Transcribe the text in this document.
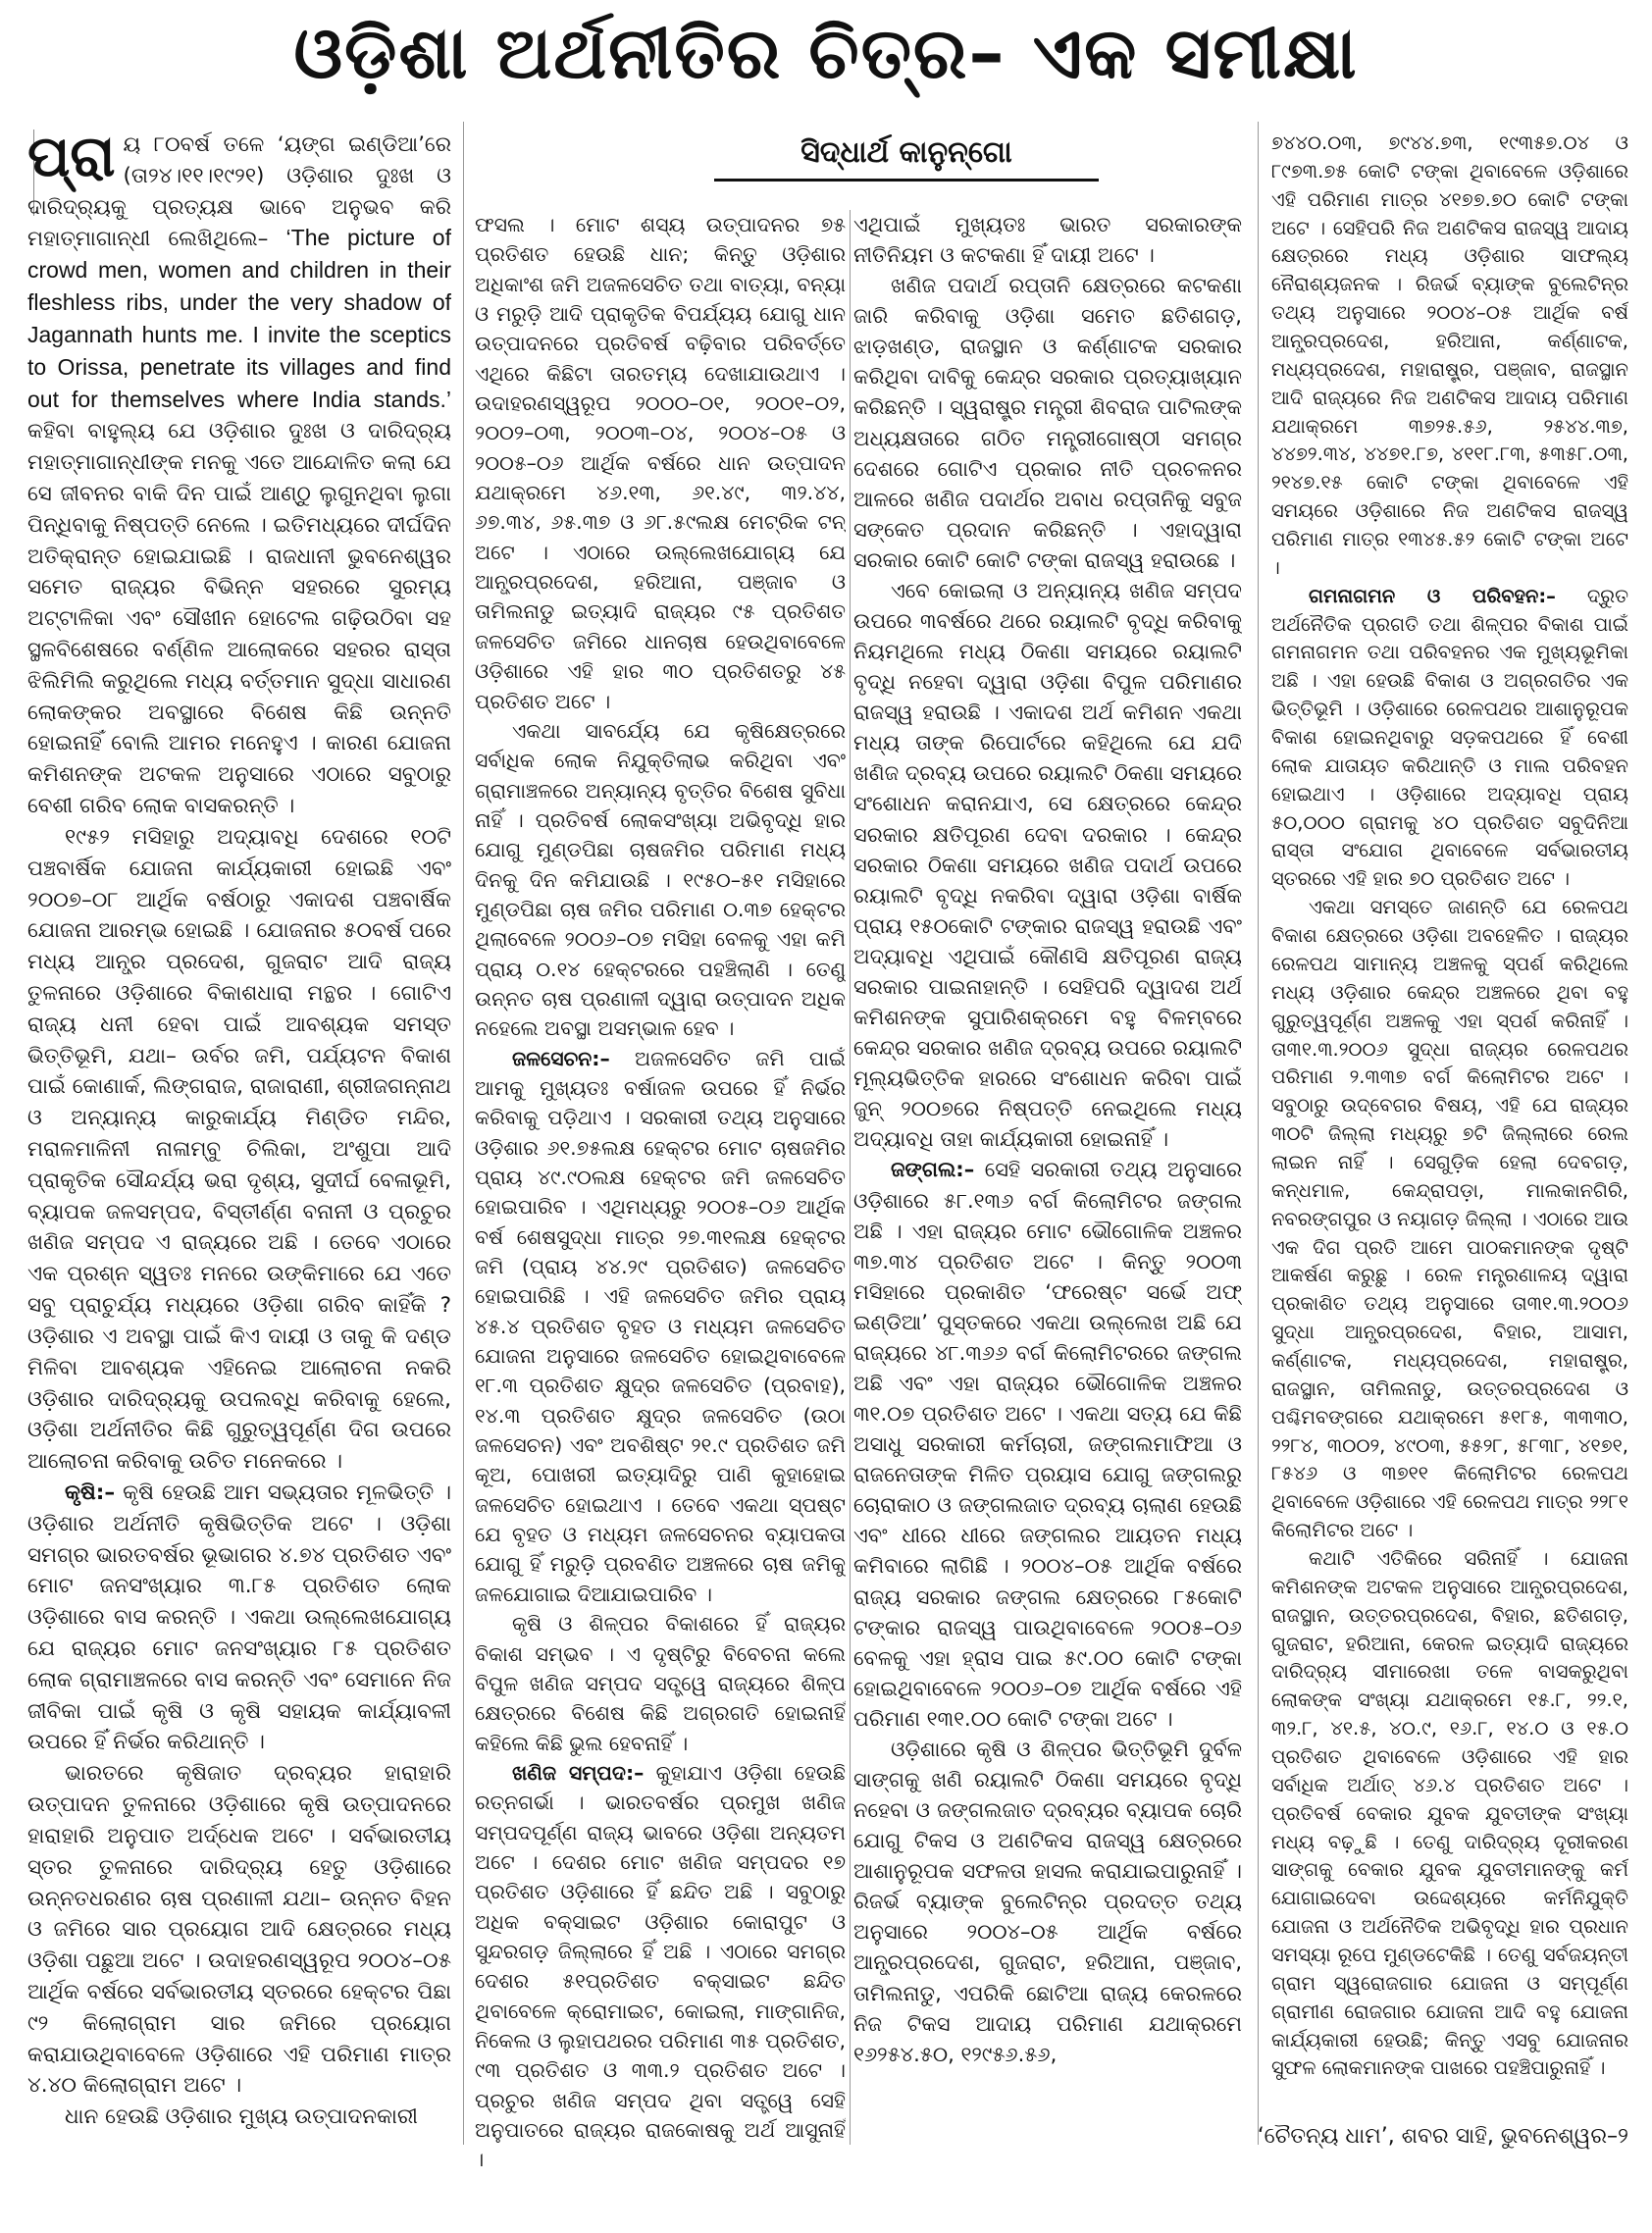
ଓଡ଼ିଶା ଅର୍ଥନୀତିର ଚିତ୍ର– ଏକ ସମୀକ୍ଷା
ସିଦ୍ଧାର୍ଥ କାନୁନ୍‌ଗୋ

ପ୍ରା ୟ ୮୦ବର୍ଷ ତଳେ ‘ୟଙ୍ଗ ଇଣ୍ଡିଆ’ରେ (ତା୨୪।୧୧।୧୯୨୧) ଓଡ଼ିଶାର ଦୁଃଖ ଓ ଦାରିଦ୍ର୍ୟକୁ ପ୍ରତ୍ୟକ୍ଷ ଭାବେ ଅନୁଭବ କରି ମହାତ୍ମାଗାନ୍ଧୀ ଲେଖିଥିଲେ– ‘The picture of crowd men, women and children in their fleshless ribs, under the very shadow of Jagannath hunts me. I invite the sceptics to Orissa, penetrate its villages and find out for themselves where India stands.’ କହିବା ବାହୁଲ୍ୟ ଯେ ଓଡ଼ିଶାର ଦୁଃଖ ଓ ଦାରିଦ୍ର୍ୟ ମହାତ୍ମାଗାନ୍ଧୀଙ୍କ ମନକୁ ଏତେ ଆନ୍ଦୋଳିତ କଲା ଯେ ସେ ଜୀବନର ବାକି ଦିନ ପାଇଁ ଆଣ୍ଠୁ ଲୁଗୁନଥିବା ଲୁଗା ପିନ୍ଧିବାକୁ ନିଷ୍ପତ୍ତି ନେଲେ । ଇତିମଧ୍ୟରେ ଦୀର୍ଘଦିନ ଅତିକ୍ରାନ୍ତ ହୋଇଯାଇଛି । ରାଜଧାନୀ ଭୁବନେଶ୍ୱର ସମେତ ରାଜ୍ୟର ବିଭିନ୍ନ ସହରରେ ସୁରମ୍ୟ ଅଟ୍ଟାଳିକା ଏବଂ ସୌଖୀନ ହୋଟେଲ ଗଢ଼ିଉଠିବା ସହ ସ୍ଥଳବିଶେଷରେ ବର୍ଣ୍ଣିଳ ଆଲୋକରେ ସହରର ରାସ୍ତା ଝିଲିମିଲି କରୁଥିଲେ ମଧ୍ୟ ବର୍ତ୍ତମାନ ସୁଦ୍ଧା ସାଧାରଣ ଲୋକଙ୍କର ଅବସ୍ଥାରେ ବିଶେଷ କିଛି ଉନ୍ନତି ହୋଇନାହିଁ ବୋଲି ଆମର ମନେହୁଏ । କାରଣ ଯୋଜନା କମିଶନଙ୍କ ଅଟକଳ ଅନୁସାରେ ଏଠାରେ ସବୁଠାରୁ ବେଶୀ ଗରିବ ଲୋକ ବାସକରନ୍ତି ।

୧୯୫୨ ମସିହାରୁ ଅଦ୍ୟାବଧି ଦେଶରେ ୧୦ଟି ପଞ୍ଚବାର୍ଷିକ ଯୋଜନା କାର୍ଯ୍ୟକାରୀ ହୋଇଛି ଏବଂ ୨୦୦୭–୦୮ ଆର୍ଥିକ ବର୍ଷଠାରୁ ଏକାଦଶ ପଞ୍ଚବାର୍ଷିକ ଯୋଜନା ଆରମ୍ଭ ହୋଇଛି । ଯୋଜନାର ୫୦ବର୍ଷ ପରେ ମଧ୍ୟ ଆନ୍ଧ୍ର ପ୍ରଦେଶ, ଗୁଜରାଟ ଆଦି ରାଜ୍ୟ ତୁଳନାରେ ଓଡ଼ିଶାରେ ବିକାଶଧାରା ମନ୍ଥର । ଗୋଟିଏ ରାଜ୍ୟ ଧନୀ ହେବା ପାଇଁ ଆବଶ୍ୟକ ସମସ୍ତ ଭିତ୍ତିଭୂମି, ଯଥା– ଉର୍ବର ଜମି, ପର୍ଯ୍ୟଟନ ବିକାଶ ପାଇଁ କୋଣାର୍କ, ଲିଙ୍ଗରାଜ, ରାଜାରାଣୀ, ଶ୍ରୀଜଗନ୍ନାଥ ଓ ଅନ୍ୟାନ୍ୟ କାରୁକାର୍ଯ୍ୟ ମିଣ୍ଡିତ ମନ୍ଦିର, ମରାଳମାଳିନୀ ନାଳାମ୍ବୁ ଚିଲିକା, ଅଂଶୁପା ଆଦି ପ୍ରାକୃତିକ ସୌନ୍ଦର୍ଯ୍ୟ ଭରା ଦୃଶ୍ୟ, ସୁଦୀର୍ଘ ବେଳାଭୂମି, ବ୍ୟାପକ ଜଳସମ୍ପଦ, ବିସ୍ତୀର୍ଣ୍ଣ ବନାନୀ ଓ ପ୍ରଚୁର ଖଣିଜ ସମ୍ପଦ ଏ ରାଜ୍ୟରେ ଅଛି । ତେବେ ଏଠାରେ ଏକ ପ୍ରଶ୍ନ ସ୍ୱତଃ ମନରେ ଉଙ୍କିମାରେ ଯେ ଏତେ ସବୁ ପ୍ରାଚୁର୍ଯ୍ୟ ମଧ୍ୟରେ ଓଡ଼ିଶା ଗରିବ କାହିଁକି ? ଓଡ଼ିଶାର ଏ ଅବସ୍ଥା ପାଇଁ କିଏ ଦାୟୀ ଓ ତାକୁ କି ଦଣ୍ଡ ମିଳିବା ଆବଶ୍ୟକ ଏହିନେଇ ଆଲୋଚନା ନକରି ଓଡ଼ିଶାର ଦାରିଦ୍ର୍ୟକୁ ଉପଲବ୍ଧି କରିବାକୁ ହେଲେ, ଓଡ଼ିଶା ଅର୍ଥନୀତିର କିଛି ଗୁରୁତ୍ୱପୂର୍ଣ୍ଣ ଦିଗ ଉପରେ ଆଲୋଚନା କରିବାକୁ ଉଚିତ ମନେକରେ ।

କୃଷି:– କୃଷି ହେଉଛି ଆମ ସଭ୍ୟତାର ମୂଳଭିତ୍ତି । ଓଡ଼ିଶାର ଅର୍ଥନୀତି କୃଷିଭିତ୍ତିକ ଅଟେ । ଓଡ଼ିଶା ସମଗ୍ର ଭାରତବର୍ଷର ଭୂଭାଗର ୪.୭୪ ପ୍ରତିଶତ ଏବଂ ମୋଟ ଜନସଂଖ୍ୟାର ୩.୮୫ ପ୍ରତିଶତ ଲୋକ ଓଡ଼ିଶାରେ ବାସ କରନ୍ତି । ଏକଥା ଉଲ୍ଲେଖଯୋଗ୍ୟ ଯେ ରାଜ୍ୟର ମୋଟ ଜନସଂଖ୍ୟାର ୮୫ ପ୍ରତିଶତ ଲୋକ ଗ୍ରାମାଞ୍ଚଳରେ ବାସ କରନ୍ତି ଏବଂ ସେମାନେ ନିଜ ଜୀବିକା ପାଇଁ କୃଷି ଓ କୃଷି ସହାୟକ କାର୍ଯ୍ୟାବଳୀ ଉପରେ ହିଁ ନିର୍ଭର କରିଥାନ୍ତି ।

ଭାରତରେ କୃଷିଜାତ ଦ୍ରବ୍ୟର ହାରାହାରି ଉତ୍ପାଦନ ତୁଳନାରେ ଓଡ଼ିଶାରେ କୃଷି ଉତ୍ପାଦନରେ ହାରାହାରି ଅନୁପାତ ଅର୍ଦ୍ଧେକ ଅଟେ । ସର୍ବଭାରତୀୟ ସ୍ତର ତୁଳନାରେ ଦାରିଦ୍ର୍ୟ ହେତୁ ଓଡ଼ିଶାରେ ଉନ୍ନତଧରଣର ଚାଷ ପ୍ରଣାଳୀ ଯଥା– ଉନ୍ନତ ବିହନ ଓ ଜମିରେ ସାର ପ୍ରୟୋଗ ଆଦି କ୍ଷେତ୍ରରେ ମଧ୍ୟ ଓଡ଼ିଶା ପଛୁଆ ଅଟେ । ଉଦାହରଣସ୍ୱରୂପ ୨୦୦୪–୦୫ ଆର୍ଥିକ ବର୍ଷରେ ସର୍ବଭାରତୀୟ ସ୍ତରରେ ହେକ୍ଟର ପିଛା ୯୨ କିଲୋଗ୍ରାମ ସାର ଜମିରେ ପ୍ରୟୋଗ କରାଯାଉଥିବାବେଳେ ଓଡ଼ିଶାରେ ଏହି ପରିମାଣ ମାତ୍ର ୪.୪୦ କିଲୋଗ୍ରାମ ଅଟେ ।

ଧାନ ହେଉଛି ଓଡ଼ିଶାର ମୁଖ୍ୟ ଉତ୍ପାଦନକାରୀ

ଫସଲ । ମୋଟ ଶସ୍ୟ ଉତ୍ପାଦନର ୭୫ ପ୍ରତିଶତ ହେଉଛି ଧାନ; କିନ୍ତୁ ଓଡ଼ିଶାର ଅଧିକାଂଶ ଜମି ଅଜଳସେଚିତ ତଥା ବାତ୍ୟା, ବନ୍ୟା ଓ ମରୁଡ଼ି ଆଦି ପ୍ରାକୃତିକ ବିପର୍ଯ୍ୟୟ ଯୋଗୁ ଧାନ ଉତ୍ପାଦନରେ ପ୍ରତିବର୍ଷ ବଢ଼ିବାର ପରିବର୍ତ୍ତେ ଏଥିରେ କିଛିଟା ତାରତମ୍ୟ ଦେଖାଯାଉଥାଏ । ଉଦାହରଣସ୍ୱରୂପ ୨୦୦୦–୦୧, ୨୦୦୧–୦୨, ୨୦୦୨–୦୩, ୨୦୦୩–୦୪, ୨୦୦୪–୦୫ ଓ ୨୦୦୫–୦୬ ଆର୍ଥିକ ବର୍ଷରେ ଧାନ ଉତ୍ପାଦନ ଯଥାକ୍ରମେ ୪୬.୧୩, ୬୧.୪୯, ୩୨.୪୪, ୬୭.୩୪, ୬୫.୩୭ ଓ ୬୮.୫୯ଲକ୍ଷ ମେଟ୍ରିକ ଟନ୍ ଅଟେ । ଏଠାରେ ଉଲ୍ଲେଖଯୋଗ୍ୟ ଯେ ଆନ୍ଧ୍ରପ୍ରଦେଶ, ହରିଆନା, ପଞ୍ଜାବ ଓ ତାମିଲନାଡୁ ଇତ୍ୟାଦି ରାଜ୍ୟର ୯୫ ପ୍ରତିଶତ ଜଳସେଚିତ ଜମିରେ ଧାନଚାଷ ହେଉଥିବାବେଳେ ଓଡ଼ିଶାରେ ଏହି ହାର ୩୦ ପ୍ରତିଶତରୁ ୪୫ ପ୍ରତିଶତ ଅଟେ ।

ଏକଥା ସାବର୍ଯ୍ୟେ ଯେ କୃଷିକ୍ଷେତ୍ରରେ ସର୍ବାଧିକ ଲୋକ ନିଯୁକ୍ତିଲାଭ କରିଥିବା ଏବଂ ଗ୍ରାମାଞ୍ଚଳରେ ଅନ୍ୟାନ୍ୟ ବୃତ୍ତିର ବିଶେଷ ସୁବିଧା ନାହିଁ । ପ୍ରତିବର୍ଷ ଲୋକସଂଖ୍ୟା ଅଭିବୃଦ୍ଧି ହାର ଯୋଗୁ ମୁଣ୍ଡପିଛା ଚାଷଜମିର ପରିମାଣ ମଧ୍ୟ ଦିନକୁ ଦିନ କମିଯାଉଛି । ୧୯୫୦–୫୧ ମସିହାରେ ମୁଣ୍ଡପିଛା ଚାଷ ଜମିର ପରିମାଣ ୦.୩୭ ହେକ୍ଟର ଥିଲାବେଳେ ୨୦୦୬–୦୭ ମସିହା ବେଳକୁ ଏହା କମି ପ୍ରାୟ ୦.୧୪ ହେକ୍ଟରରେ ପହଞ୍ଚିଲାଣି । ତେଣୁ ଉନ୍ନତ ଚାଷ ପ୍ରଣାଳୀ ଦ୍ୱାରା ଉତ୍ପାଦନ ଅଧିକ ନହେଲେ ଅବସ୍ଥା ଅସମ୍ଭାଳ ହେବ ।

ଜଳସେଚନ:– ଅଜଳସେଚିତ ଜମି ପାଇଁ ଆମକୁ ମୁଖ୍ୟତଃ ବର୍ଷାଜଳ ଉପରେ ହିଁ ନିର୍ଭର କରିବାକୁ ପଡ଼ିଥାଏ । ସରକାରୀ ତଥ୍ୟ ଅନୁସାରେ ଓଡ଼ିଶାର ୬୧.୭୫ଲକ୍ଷ ହେକ୍ଟର ମୋଟ ଚାଷଜମିର ପ୍ରାୟ ୪୯.୯୦ଲକ୍ଷ ହେକ୍ଟର ଜମି ଜଳସେଚିତ ହୋଇପାରିବ । ଏଥିମଧ୍ୟରୁ ୨୦୦୫–୦୬ ଆର୍ଥିକ ବର୍ଷ ଶେଷସୁଦ୍ଧା ମାତ୍ର ୨୭.୩୧ଲକ୍ଷ ହେକ୍ଟର ଜମି (ପ୍ରାୟ ୪୪.୨୯ ପ୍ରତିଶତ) ଜଳସେଚିତ ହୋଇପାରିଛି । ଏହି ଜଳସେଚିତ ଜମିର ପ୍ରାୟ ୪୫.୪ ପ୍ରତିଶତ ବୃହତ ଓ ମଧ୍ୟମ ଜଳସେଚିତ ଯୋଜନା ଅନୁସାରେ ଜଳସେଚିତ ହୋଇଥିବାବେଳେ ୧୮.୩ ପ୍ରତିଶତ କ୍ଷୁଦ୍ର ଜଳସେଚିତ (ପ୍ରବାହ), ୧୪.୩ ପ୍ରତିଶତ କ୍ଷୁଦ୍ର ଜଳସେଚିତ (ଉଠା ଜଳସେଚନ) ଏବଂ ଅବଶିଷ୍ଟ ୨୧.୯ ପ୍ରତିଶତ ଜମି କୂଅ, ପୋଖରୀ ଇତ୍ୟାଦିରୁ ପାଣି କୁହାହୋଇ ଜଳସେଚିତ ହୋଇଥାଏ । ତେବେ ଏକଥା ସ୍ପଷ୍ଟ ଯେ ବୃହତ ଓ ମଧ୍ୟମ ଜଳସେଚନର ବ୍ୟାପକତା ଯୋଗୁ ହିଁ ମରୁଡ଼ି ପ୍ରବଣିତ ଅଞ୍ଚଳରେ ଚାଷ ଜମିକୁ ଜଳଯୋଗାଇ ଦିଆଯାଇପାରିବ ।

କୃଷି ଓ ଶିଳ୍ପର ବିକାଶରେ ହିଁ ରାଜ୍ୟର ବିକାଶ ସମ୍ଭବ । ଏ ଦୃଷ୍ଟିରୁ ବିବେଚନା କଲେ ବିପୁଳ ଖଣିଜ ସମ୍ପଦ ସତ୍ତ୍ୱେ ରାଜ୍ୟରେ ଶିଳ୍ପ କ୍ଷେତ୍ରରେ ବିଶେଷ କିଛି ଅଗ୍ରଗତି ହୋଇନାହିଁ କହିଲେ କିଛି ଭୁଲ ହେବନାହିଁ ।

ଖଣିଜ ସମ୍ପଦ:– କୁହାଯାଏ ଓଡ଼ିଶା ହେଉଛି ରତ୍ନଗର୍ଭା । ଭାରତବର୍ଷର ପ୍ରମୁଖ ଖଣିଜ ସମ୍ପଦପୂର୍ଣ୍ଣ ରାଜ୍ୟ ଭାବରେ ଓଡ଼ିଶା ଅନ୍ୟତମ ଅଟେ । ଦେଶର ମୋଟ ଖଣିଜ ସମ୍ପଦର ୧୭ ପ୍ରତିଶତ ଓଡ଼ିଶାରେ ହିଁ ଛନ୍ଦିତ ଅଛି । ସବୁଠାରୁ ଅଧିକ ବକ୍ସାଇଟ ଓଡ଼ିଶାର କୋରାପୁଟ ଓ ସୁନ୍ଦରଗଡ଼ ଜିଲ୍ଲାରେ ହିଁ ଅଛି । ଏଠାରେ ସମଗ୍ର ଦେଶର ୫୧ପ୍ରତିଶତ ବକ୍ସାଇଟ ଛନ୍ଦିତ ଥିବାବେଳେ କ୍ରୋମାଇଟ, କୋଇଲା, ମାଙ୍ଗାନିଜ, ନିକେଲ ଓ ଲୁହାପଥରର ପରିମାଣ ୩୫ ପ୍ରତିଶତ, ୯୩ ପ୍ରତିଶତ ଓ ୩୩.୨ ପ୍ରତିଶତ ଅଟେ । ପ୍ରଚୁର ଖଣିଜ ସମ୍ପଦ ଥିବା ସତ୍ତ୍ୱେ ସେହି ଅନୁପାତରେ ରାଜ୍ୟର ରାଜକୋଷକୁ ଅର୍ଥ ଆସୁନାହିଁ ।

ଏଥିପାଇଁ ମୁଖ୍ୟତଃ ଭାରତ ସରକାରଙ୍କ ନୀତିନିୟମ ଓ କଟକଣା ହିଁ ଦାୟୀ ଅଟେ ।

ଖଣିଜ ପଦାର୍ଥ ରପ୍ତାନି କ୍ଷେତ୍ରରେ କଟକଣା ଜାରି କରିବାକୁ ଓଡ଼ିଶା ସମେତ ଛତିଶଗଡ଼, ଝାଡ଼ଖଣ୍ଡ, ରାଜସ୍ଥାନ ଓ କର୍ଣ୍ଣାଟକ ସରକାର କରିଥିବା ଦାବିକୁ କେନ୍ଦ୍ର ସରକାର ପ୍ରତ୍ୟାଖ୍ୟାନ କରିଛନ୍ତି । ସ୍ୱରାଷ୍ଟ୍ର ମନ୍ତ୍ରୀ ଶିବରାଜ ପାଟିଲଙ୍କ ଅଧ୍ୟକ୍ଷତାରେ ଗଠିତ ମନ୍ତ୍ରୀଗୋଷ୍ଠୀ ସମଗ୍ର ଦେଶରେ ଗୋଟିଏ ପ୍ରକାର ନୀତି ପ୍ରଚଳନର ଆଳରେ ଖଣିଜ ପଦାର୍ଥର ଅବାଧ ରପ୍ତାନିକୁ ସବୁଜ ସଙ୍କେତ ପ୍ରଦାନ କରିଛନ୍ତି । ଏହାଦ୍ୱାରା ସରକାର କୋଟି କୋଟି ଟଙ୍କା ରାଜସ୍ୱ ହରାଉଛେ ।

ଏବେ କୋଇଲା ଓ ଅନ୍ୟାନ୍ୟ ଖଣିଜ ସମ୍ପଦ ଉପରେ ୩ବର୍ଷରେ ଥରେ ରୟାଲଟି ବୃଦ୍ଧି କରିବାକୁ ନିୟମଥିଲେ ମଧ୍ୟ ଠିକଣା ସମୟରେ ରୟାଲଟି ବୃଦ୍ଧି ନହେବା ଦ୍ୱାରା ଓଡ଼ିଶା ବିପୁଳ ପରିମାଣର ରାଜସ୍ୱ ହରାଉଛି । ଏକାଦଶ ଅର୍ଥ କମିଶନ ଏକଥା ମଧ୍ୟ ତାଙ୍କ ରିପୋର୍ଟରେ କହିଥିଲେ ଯେ ଯଦି ଖଣିଜ ଦ୍ରବ୍ୟ ଉପରେ ରୟାଲଟି ଠିକଣା ସମୟରେ ସଂଶୋଧନ କରାନଯାଏ, ସେ କ୍ଷେତ୍ରରେ କେନ୍ଦ୍ର ସରକାର କ୍ଷତିପୂରଣ ଦେବା ଦରକାର । କେନ୍ଦ୍ର ସରକାର ଠିକଣା ସମୟରେ ଖଣିଜ ପଦାର୍ଥ ଉପରେ ରୟାଲଟି ବୃଦ୍ଧି ନକରିବା ଦ୍ୱାରା ଓଡ଼ିଶା ବାର୍ଷିକ ପ୍ରାୟ ୧୫୦କୋଟି ଟଙ୍କାର ରାଜସ୍ୱ ହରାଉଛି ଏବଂ ଅଦ୍ୟାବଧି ଏଥିପାଇଁ କୌଣସି କ୍ଷତିପୂରଣ ରାଜ୍ୟ ସରକାର ପାଇନାହାନ୍ତି । ସେହିପରି ଦ୍ୱାଦଶ ଅର୍ଥ କମିଶନଙ୍କ ସୁପାରିଶକ୍ରମେ ବହୁ ବିଳମ୍ବରେ କେନ୍ଦ୍ର ସରକାର ଖଣିଜ ଦ୍ରବ୍ୟ ଉପରେ ରୟାଲଟି ମୂଲ୍ୟଭିତ୍ତିକ ହାରରେ ସଂଶୋଧନ କରିବା ପାଇଁ ଜୁନ୍ ୨୦୦୭ରେ ନିଷ୍ପତ୍ତି ନେଇଥିଲେ ମଧ୍ୟ ଅଦ୍ୟାବଧି ତାହା କାର୍ଯ୍ୟକାରୀ ହୋଇନାହିଁ ।

ଜଙ୍ଗଲ:– ସେହି ସରକାରୀ ତଥ୍ୟ ଅନୁସାରେ ଓଡ଼ିଶାରେ ୫୮.୧୩୬ ବର୍ଗ କିଲୋମିଟର ଜଙ୍ଗଲ ଅଛି । ଏହା ରାଜ୍ୟର ମୋଟ ଭୌଗୋଳିକ ଅଞ୍ଚଳର ୩୭.୩୪ ପ୍ରତିଶତ ଅଟେ । କିନ୍ତୁ ୨୦୦୩ ମସିହାରେ ପ୍ରକାଶିତ ‘ଫରେଷ୍ଟ ସର୍ଭେ ଅଫ୍ ଇଣ୍ଡିଆ’ ପୁସ୍ତକରେ ଏକଥା ଉଲ୍ଲେଖ ଅଛି ଯେ ରାଜ୍ୟରେ ୪୮.୩୬୬ ବର୍ଗ କିଲୋମିଟରରେ ଜଙ୍ଗଲ ଅଛି ଏବଂ ଏହା ରାଜ୍ୟର ଭୌଗୋଳିକ ଅଞ୍ଚଳର ୩୧.୦୭ ପ୍ରତିଶତ ଅଟେ । ଏକଥା ସତ୍ୟ ଯେ କିଛି ଅସାଧୁ ସରକାରୀ କର୍ମଚାରୀ, ଜଙ୍ଗଲମାଫିଆ ଓ ରାଜନେତାଙ୍କ ମିଳିତ ପ୍ରୟାସ ଯୋଗୁ ଜଙ୍ଗଲରୁ ଚୋରାକାଠ ଓ ଜଙ୍ଗଲଜାତ ଦ୍ରବ୍ୟ ଚାଲାଣ ହେଉଛି ଏବଂ ଧୀରେ ଧୀରେ ଜଙ୍ଗଲର ଆୟତନ ମଧ୍ୟ କମିବାରେ ଲାଗିଛି । ୨୦୦୪–୦୫ ଆର୍ଥିକ ବର୍ଷରେ ରାଜ୍ୟ ସରକାର ଜଙ୍ଗଲ କ୍ଷେତ୍ରରେ ୮୫କୋଟି ଟଙ୍କାର ରାଜସ୍ୱ ପାଉଥିବାବେଳେ ୨୦୦୫–୦୬ ବେଳକୁ ଏହା ହ୍ରାସ ପାଇ ୫୯.୦୦ କୋଟି ଟଙ୍କା ହୋଇଥିବାବେଳେ ୨୦୦୬–୦୭ ଆର୍ଥିକ ବର୍ଷରେ ଏହି ପରିମାଣ ୧୩୧.୦୦ କୋଟି ଟଙ୍କା ଅଟେ ।

ଓଡ଼ିଶାରେ କୃଷି ଓ ଶିଳ୍ପର ଭିତ୍ତିଭୂମି ଦୁର୍ବଳ ସାଙ୍ଗକୁ ଖଣି ରୟାଲଟି ଠିକଣା ସମୟରେ ବୃଦ୍ଧି ନହେବା ଓ ଜଙ୍ଗଲଜାତ ଦ୍ରବ୍ୟର ବ୍ୟାପକ ଚୋରି ଯୋଗୁ ଟିକସ ଓ ଅଣଟିକସ ରାଜସ୍ୱ କ୍ଷେତ୍ରରେ ଆଶାନୁରୂପକ ସଫଳତା ହାସଲ କରାଯାଇପାରୁନାହିଁ । ରିଜର୍ଭ ବ୍ୟାଙ୍କ ବୁଲେଟିନ୍‌ର ପ୍ରଦତ୍ତ ତଥ୍ୟ ଅନୁସାରେ ୨୦୦୪–୦୫ ଆର୍ଥିକ ବର୍ଷରେ ଆନ୍ଧ୍ରପ୍ରଦେଶ, ଗୁଜରାଟ, ହରିଆନା, ପଞ୍ଜାବ, ତାମିଲନାଡୁ, ଏପରିକି ଛୋଟିଆ ରାଜ୍ୟ କେରଳରେ ନିଜ ଟିକସ ଆଦାୟ ପରିମାଣ ଯଥାକ୍ରମେ ୧୬୨୫୪.୫୦, ୧୨୯୫୬.୫୬,

୭୪୪୦.୦୩, ୭୯୪୪.୭୩, ୧୯୩୫୭.୦୪ ଓ ୮୯୭୩.୭୫ କୋଟି ଟଙ୍କା ଥିବାବେଳେ ଓଡ଼ିଶାରେ ଏହି ପରିମାଣ ମାତ୍ର ୪୧୭୭.୭୦ କୋଟି ଟଙ୍କା ଅଟେ । ସେହିପରି ନିଜ ଅଣଟିକସ ରାଜସ୍ୱ ଆଦାୟ କ୍ଷେତ୍ରରେ ମଧ୍ୟ ଓଡ଼ିଶାର ସାଫଲ୍ୟ ନୈରାଶ୍ୟଜନକ । ରିଜର୍ଭ ବ୍ୟାଙ୍କ ବୁଲେଟିନ୍‌ର ତଥ୍ୟ ଅନୁସାରେ ୨୦୦୪–୦୫ ଆର୍ଥିକ ବର୍ଷ ଆନ୍ଧ୍ରପ୍ରଦେଶ, ହରିଆନା, କର୍ଣ୍ଣାଟକ, ମଧ୍ୟପ୍ରଦେଶ, ମହାରାଷ୍ଟ୍ର, ପଞ୍ଜାବ, ରାଜସ୍ଥାନ ଆଦି ରାଜ୍ୟରେ ନିଜ ଅଣଟିକସ ଆଦାୟ ପରିମାଣ ଯଥାକ୍ରମେ ୩୭୨୫.୫୬, ୨୫୪୪.୩୭, ୪୪୭୨.୩୪, ୪୪୭୧.୮୭, ୪୧୧୮.୮୩, ୫୩୫୮.୦୩, ୨୧୪୭.୧୫ କୋଟି ଟଙ୍କା ଥିବାବେଳେ ଏହି ସମୟରେ ଓଡ଼ିଶାରେ ନିଜ ଅଣଟିକସ ରାଜସ୍ୱ ପରିମାଣ ମାତ୍ର ୧୩୪୫.୫୨ କୋଟି ଟଙ୍କା ଅଟେ ।

ଗମନାଗମନ ଓ ପରିବହନ:– ଦ୍ରୁତ ଅର୍ଥନୈତିକ ପ୍ରଗତି ତଥା ଶିଳ୍ପର ବିକାଶ ପାଇଁ ଗମନାଗମନ ତଥା ପରିବହନର ଏକ ମୁଖ୍ୟଭୂମିକା ଅଛି । ଏହା ହେଉଛି ବିକାଶ ଓ ଅଗ୍ରଗତିର ଏକ ଭିତ୍ତିଭୂମି । ଓଡ଼ିଶାରେ ରେଳପଥର ଆଶାନୁରୂପକ ବିକାଶ ହୋଇନଥିବାରୁ ସଡ଼କପଥରେ ହିଁ ବେଶୀ ଲୋକ ଯାତାୟତ କରିଥାନ୍ତି ଓ ମାଲ ପରିବହନ ହୋଇଥାଏ । ଓଡ଼ିଶାରେ ଅଦ୍ୟାବଧି ପ୍ରାୟ ୫୦,୦୦୦ ଗ୍ରାମକୁ ୪୦ ପ୍ରତିଶତ ସବୁଦିନିଆ ରାସ୍ତା ସଂଯୋଗ ଥିବାବେଳେ ସର୍ବଭାରତୀୟ ସ୍ତରରେ ଏହି ହାର ୭୦ ପ୍ରତିଶତ ଅଟେ ।

ଏକଥା ସମସ୍ତେ ଜାଣନ୍ତି ଯେ ରେଳପଥ ବିକାଶ କ୍ଷେତ୍ରରେ ଓଡ଼ିଶା ଅବହେଳିତ । ରାଜ୍ୟର ରେଳପଥ ସାମାନ୍ୟ ଅଞ୍ଚଳକୁ ସ୍ପର୍ଶ କରିଥିଲେ ମଧ୍ୟ ଓଡ଼ିଶାର କେନ୍ଦ୍ର ଅଞ୍ଚଳରେ ଥିବା ବହୁ ଗୁରୁତ୍ୱପୂର୍ଣ୍ଣ ଅଞ୍ଚଳକୁ ଏହା ସ୍ପର୍ଶ କରିନାହିଁ । ତା୩୧.୩.୨୦୦୬ ସୁଦ୍ଧା ରାଜ୍ୟର ରେଳପଥର ପରିମାଣ ୨.୩୩୭ ବର୍ଗ କିଲୋମିଟର ଅଟେ । ସବୁଠାରୁ ଉଦ୍‌ବେଗର ବିଷୟ, ଏହି ଯେ ରାଜ୍ୟର ୩୦ଟି ଜିଲ୍ଲା ମଧ୍ୟରୁ ୭ଟି ଜିଲ୍ଲାରେ ରେଲ ଲାଇନ ନାହିଁ । ସେଗୁଡ଼ିକ ହେଲା ଦେବଗଡ଼, କନ୍ଧମାଳ, କେନ୍ଦ୍ରାପଡ଼ା, ମାଲକାନଗିରି, ନବରଙ୍ଗପୁର ଓ ନୟାଗଡ଼ ଜିଲ୍ଲା । ଏଠାରେ ଆଉ ଏକ ଦିଗ ପ୍ରତି ଆମେ ପାଠକମାନଙ୍କ ଦୃଷ୍ଟି ଆକର୍ଷଣ କରୁଛୁ । ରେଳ ମନ୍ତ୍ରଣାଳୟ ଦ୍ୱାରା ପ୍ରକାଶିତ ତଥ୍ୟ ଅନୁସାରେ ତା୩୧.୩.୨୦୦୬ ସୁଦ୍ଧା ଆନ୍ଧ୍ରପ୍ରଦେଶ, ବିହାର, ଆସାମ, କର୍ଣ୍ଣାଟକ, ମଧ୍ୟପ୍ରଦେଶ, ମହାରାଷ୍ଟ୍ର, ରାଜସ୍ଥାନ, ତାମିଲନାଡୁ, ଉତ୍ତରପ୍ରଦେଶ ଓ ପଶ୍ଚିମବଙ୍ଗରେ ଯଥାକ୍ରମେ ୫୧୮୫, ୩୩୩୦, ୨୨୮୪, ୩୦୦୨, ୪୯୦୩, ୫୫୨୮, ୫୮୩୮, ୪୧୭୧, ୮୫୪୬ ଓ ୩୭୧୧ କିଲୋମିଟର ରେଳପଥ ଥିବାବେଳେ ଓଡ଼ିଶାରେ ଏହି ରେଳପଥ ମାତ୍ର ୨୨୮୧ କିଲୋମିଟର ଅଟେ ।

କଥାଟି ଏତିକିରେ ସରିନାହିଁ । ଯୋଜନା କମିଶନଙ୍କ ଅଟକଳ ଅନୁସାରେ ଆନ୍ଧ୍ରପ୍ରଦେଶ, ରାଜସ୍ଥାନ, ଉତ୍ତରପ୍ରଦେଶ, ବିହାର, ଛତିଶଗଡ଼, ଗୁଜରାଟ, ହରିଆନା, କେରଳ ଇତ୍ୟାଦି ରାଜ୍ୟରେ ଦାରିଦ୍ର୍ୟ ସୀମାରେଖା ତଳେ ବାସକରୁଥିବା ଲୋକଙ୍କ ସଂଖ୍ୟା ଯଥାକ୍ରମେ ୧୫.୮, ୨୨.୧, ୩୨.୮, ୪୧.୫, ୪୦.୯, ୧୬.୮, ୧୪.୦ ଓ ୧୫.୦ ପ୍ରତିଶତ ଥିବାବେଳେ ଓଡ଼ିଶାରେ ଏହି ହାର ସର୍ବାଧିକ ଅର୍ଥାତ୍ ୪୬.୪ ପ୍ରତିଶତ ଅଟେ । ପ୍ରତିବର୍ଷ ବେକାର ଯୁବକ ଯୁବତୀଙ୍କ ସଂଖ୍ୟା ମଧ୍ୟ ବଢ଼ୁଛି । ତେଣୁ ଦାରିଦ୍ର୍ୟ ଦୂରୀକରଣ ସାଙ୍ଗକୁ ବେକାର ଯୁବକ ଯୁବତୀମାନଙ୍କୁ କର୍ମ ଯୋଗାଇଦେବା ଉଦ୍ଦେଶ୍ୟରେ କର୍ମନିଯୁକ୍ତି ଯୋଜନା ଓ ଅର୍ଥନୈତିକ ଅଭିବୃଦ୍ଧି ହାର ପ୍ରଧାନ ସମସ୍ୟା ରୂପେ ମୁଣ୍ଡଟେକିଛି । ତେଣୁ ସର୍ବଜୟନ୍ତୀ ଗ୍ରାମ ସ୍ୱରୋଜଗାର ଯୋଜନା ଓ ସମ୍ପୂର୍ଣ୍ଣ ଗ୍ରାମୀଣ ରୋଜଗାର ଯୋଜନା ଆଦି ବହୁ ଯୋଜନା କାର୍ଯ୍ୟକାରୀ ହେଉଛି; କିନ୍ତୁ ଏସବୁ ଯୋଜନାର ସୁଫଳ ଲୋକମାନଙ୍କ ପାଖରେ ପହଞ୍ଚିପାରୁନାହିଁ ।

‘ଚୈତନ୍ୟ ଧାମ’, ଶବର ସାହି, ଭୁବନେଶ୍ୱର–୨
